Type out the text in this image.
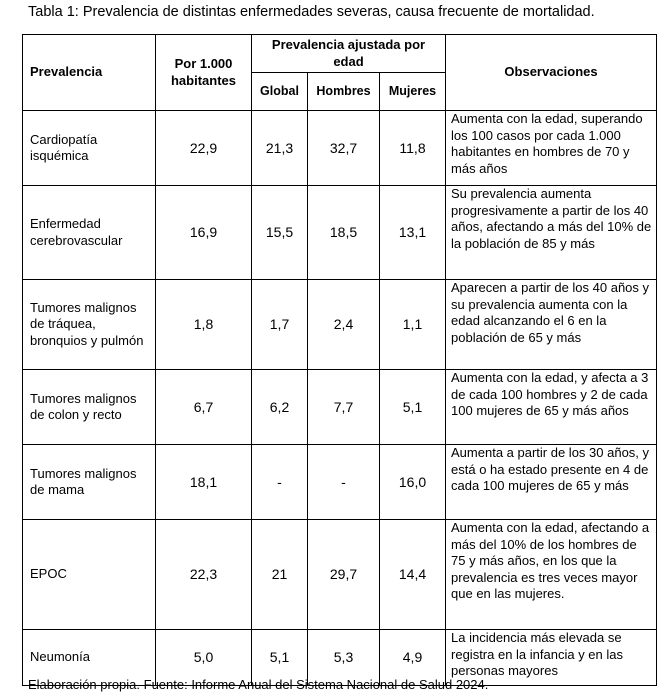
Tabla 1: Prevalencia de distintas enfermedades severas, causa frecuente de mortalidad.
Prevalencia	Por 1.000 habitantes	Prevalencia ajustada por edad			Observaciones
		Global	Hombres	Mujeres	
Cardiopatía isquémica	22,9	21,3	32,7	11,8	Aumenta con la edad, superando los 100 casos por cada 1.000 habitantes en hombres de 70 y más años
Enfermedad cerebrovascular	16,9	15,5	18,5	13,1	Su prevalencia aumenta progresivamente a partir de los 40 años, afectando a más del 10% de la población de 85 y más
Tumores malignos de tráquea, bronquios y pulmón	1,8	1,7	2,4	1,1	Aparecen a partir de los 40 años y su prevalencia aumenta con la edad alcanzando el 6 en la población de 65 y más
Tumores malignos de colon y recto	6,7	6,2	7,7	5,1	Aumenta con la edad, y afecta a 3 de cada 100 hombres y 2 de cada 100 mujeres de 65 y más años
Tumores malignos de mama	18,1	-	-	16,0	Aumenta a partir de los 30 años, y está o ha estado presente en 4 de cada 100 mujeres de 65 y más
EPOC	22,3	21	29,7	14,4	Aumenta con la edad, afectando a más del 10% de los hombres de 75 y más años, en los que la prevalencia es tres veces mayor que en las mujeres.
Neumonía	5,0	5,1	5,3	4,9	La incidencia más elevada se registra en la infancia y en las personas mayores
Elaboración propia. Fuente: Informe Anual del Sistema Nacional de Salud 2024.
